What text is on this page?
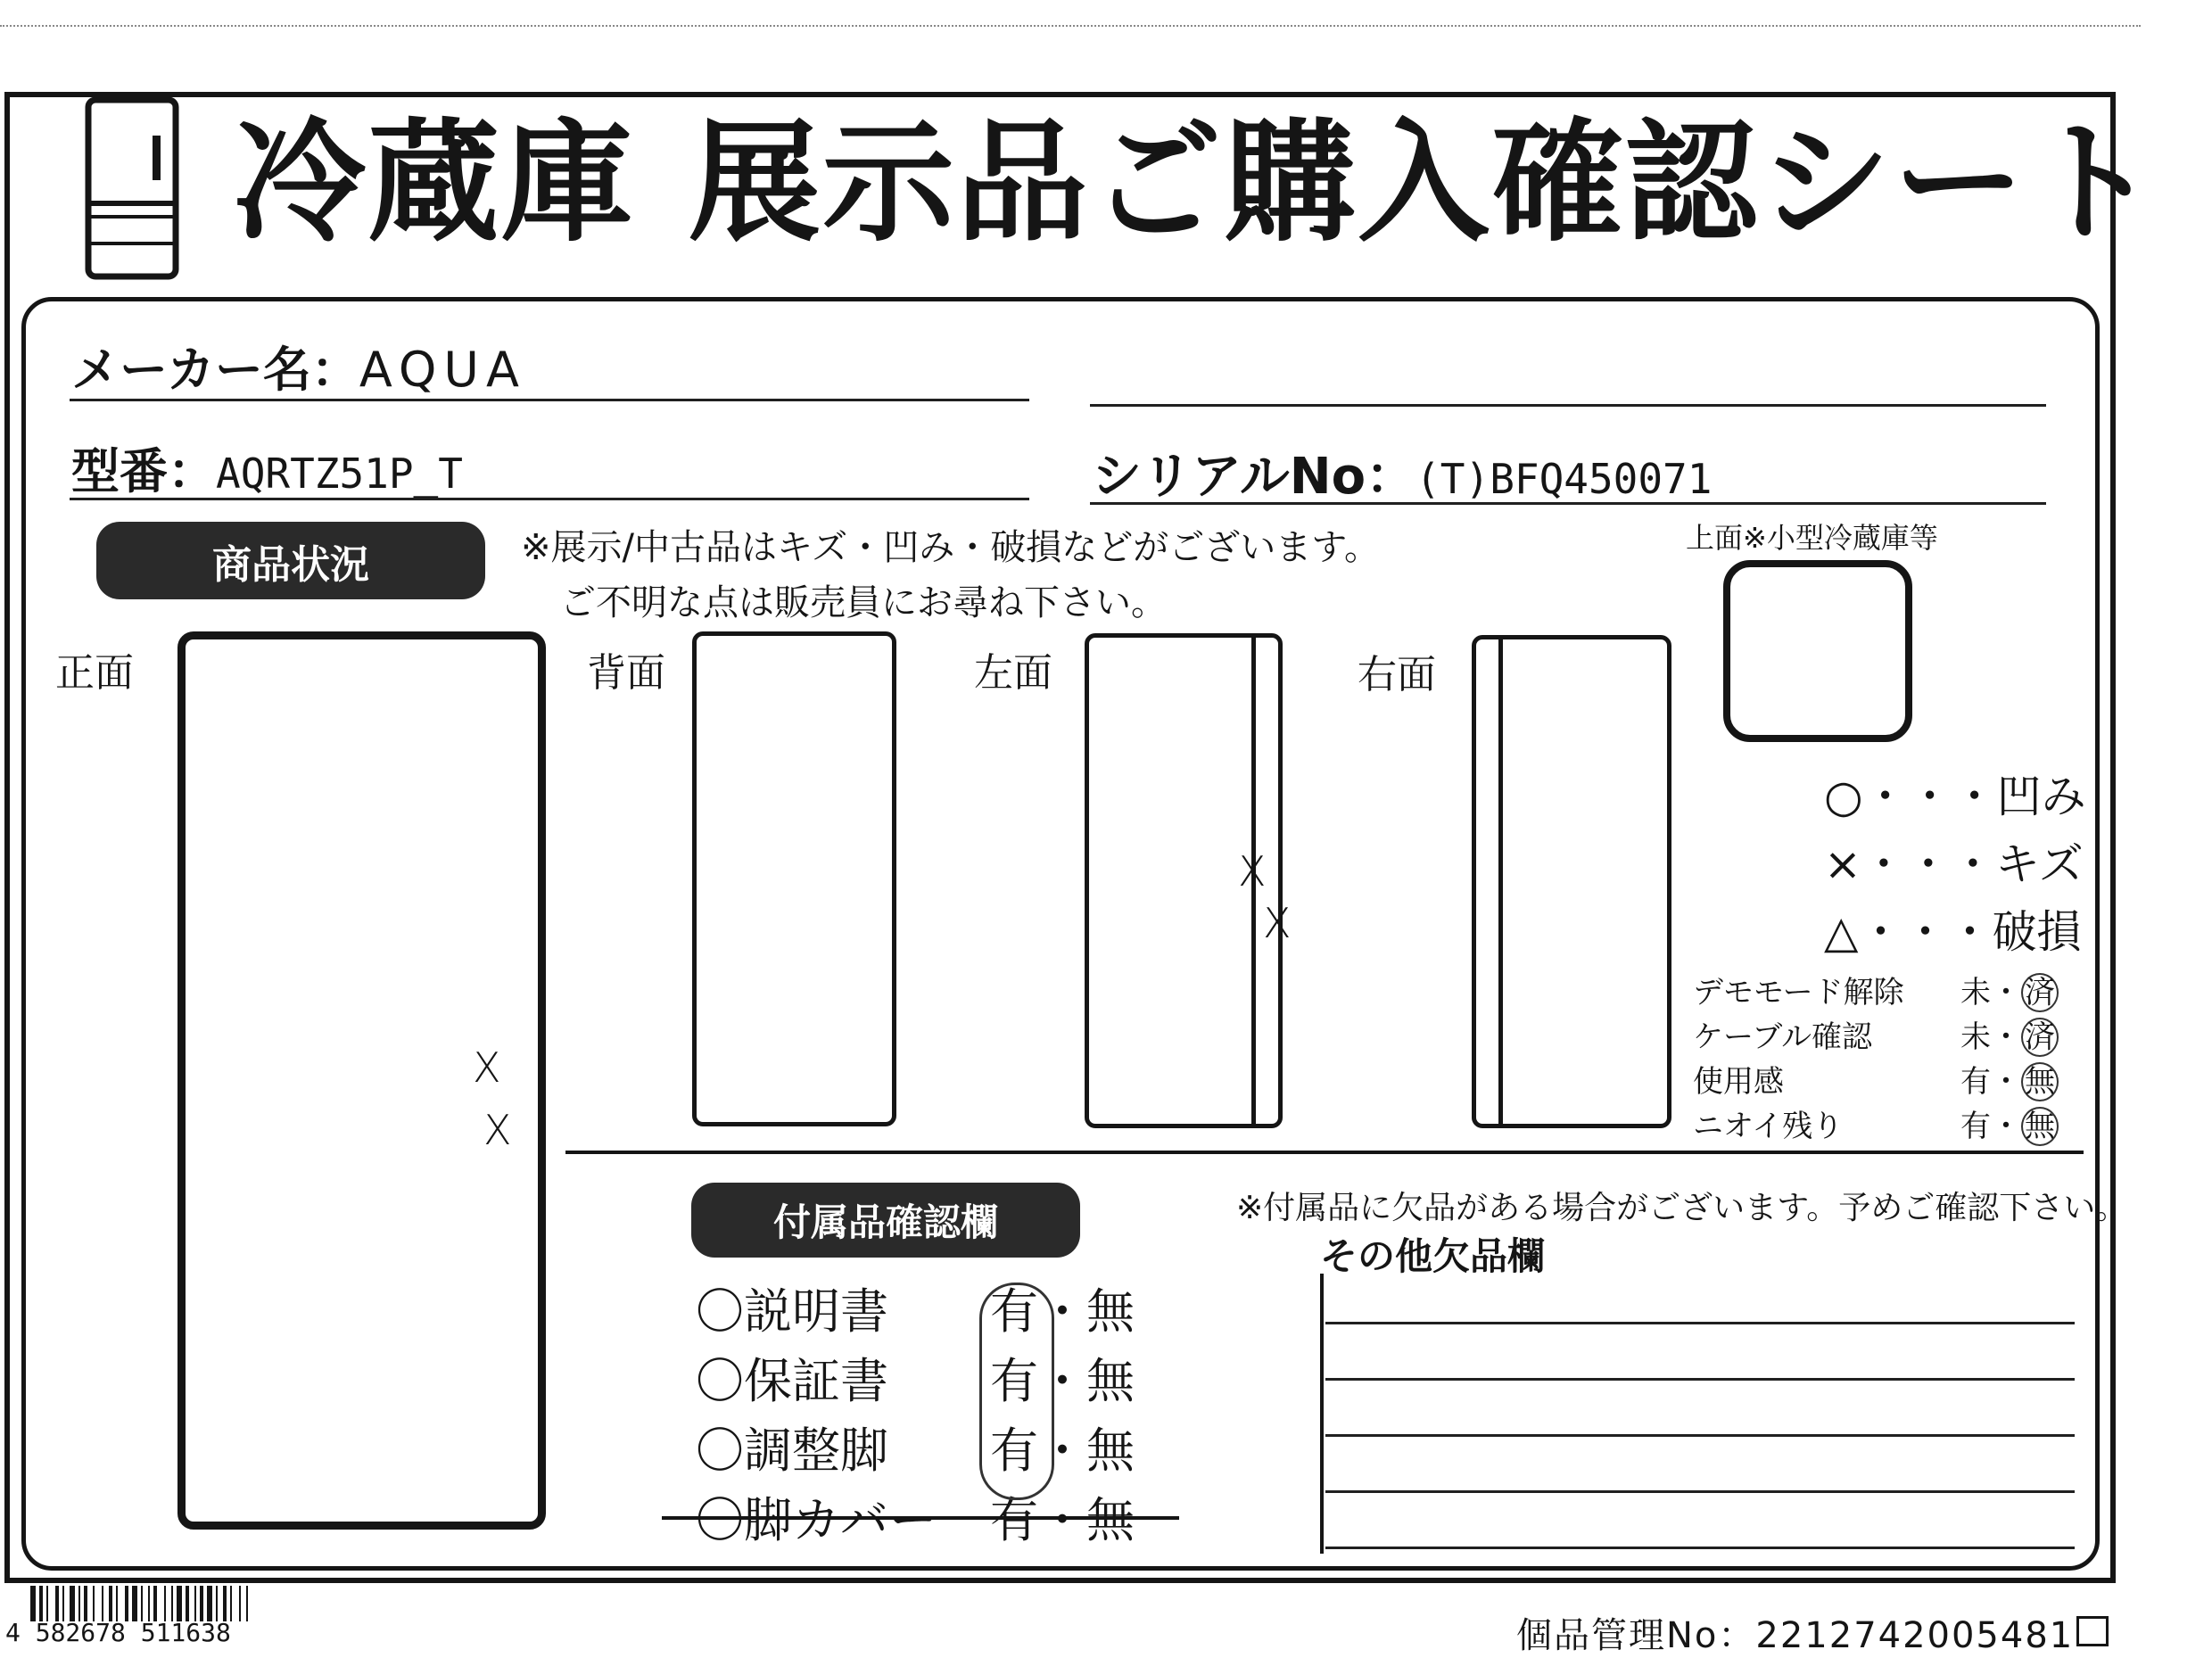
冷蔵庫 展示品ご購入確認シート
メーカー名：AQUA
型番：AQRTZ51P_T	シリアルNo：(T)BFQ450071
商品状況	※展示/中古品はキズ・凹み・破損などがございます。
ご不明な点は販売員にお尋ね下さい。
正面
X
X
背面	左面
X
X
右面
上面※小型冷蔵庫等
○・・・凹み
×・・・キズ
△・・・破損
デモモード解除 未・ 済
ケーブル確認	未・ 済
使用感	有・ 無
ニオイ残り	有・ 無
付属品確認欄	※付属品に欠品がある場合がございます。予めご確認下さい。
その他欠品欄
〇説明書 有・無
〇保証書 有・無
〇調整脚 有・無
〇脚カバー 有・無
4 582678 511638	個品管理No：2212742005481
